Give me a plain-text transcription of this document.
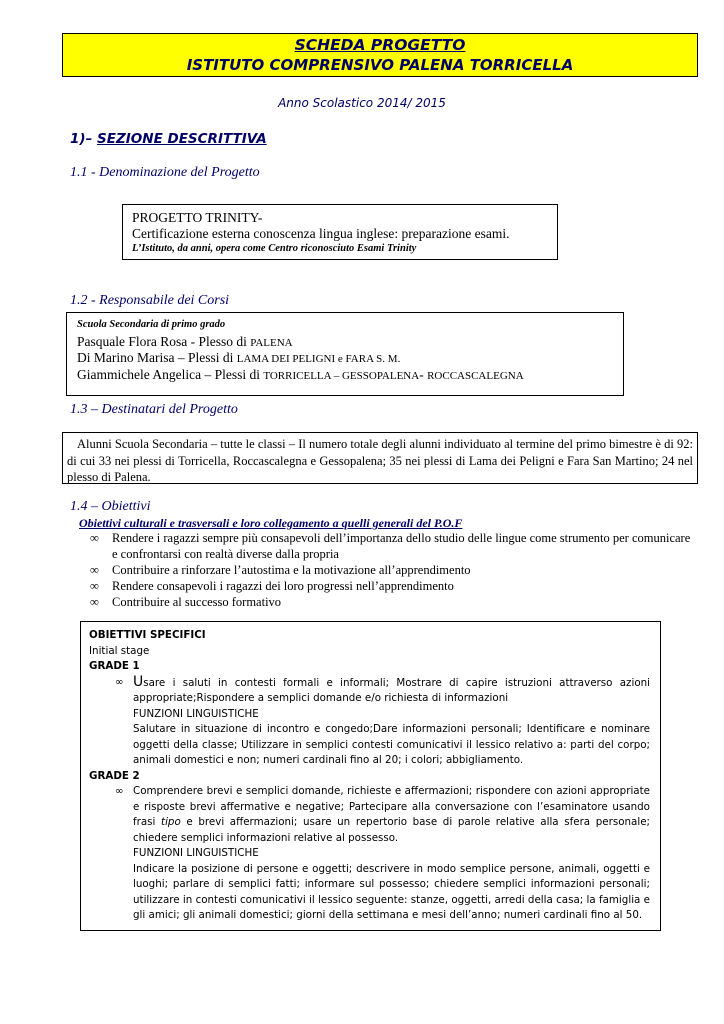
SCHEDA PROGETTO
ISTITUTO COMPRENSIVO PALENA TORRICELLA
Anno Scolastico 2014/ 2015
1)– SEZIONE DESCRITTIVA
1.1 - Denominazione del Progetto
PROGETTO TRINITY-
Certificazione esterna conoscenza lingua inglese: preparazione esami.
L’Istituto, da anni, opera come Centro riconosciuto Esami Trinity
1.2 - Responsabile dei Corsi
Scuola Secondaria di primo grado
Pasquale Flora Rosa - Plesso di PALENA
Di Marino Marisa – Plessi di LAMA DEI PELIGNI e FARA S. M.
Giammichele Angelica – Plessi di TORRICELLA – GESSOPALENA- ROCCASCALEGNA
1.3 – Destinatari del Progetto
Alunni Scuola Secondaria – tutte le classi – Il numero totale degli alunni individuato al termine del primo bimestre è di 92: di cui 33 nei plessi di Torricella, Roccascalegna e Gessopalena; 35 nei plessi di Lama dei Peligni e Fara San Martino; 24 nel plesso di Palena.
1.4 – Obiettivi
Obiettivi culturali e trasversali e loro collegamento a quelli generali del P.O.F
∞ Rendere i ragazzi sempre più consapevoli dell’importanza dello studio delle lingue come strumento per comunicare e confrontarsi con realtà diverse dalla propria
∞ Contribuire a rinforzare l’autostima e la motivazione all’apprendimento
∞ Rendere consapevoli i ragazzi dei loro progressi nell’apprendimento
∞ Contribuire al successo formativo
OBIETTIVI SPECIFICI
Initial stage
GRADE 1
∞ Usare i saluti in contesti formali e informali; Mostrare di capire istruzioni attraverso azioni appropriate;Rispondere a semplici domande e/o richiesta di informazioni
FUNZIONI LINGUISTICHE
Salutare in situazione di incontro e congedo;Dare informazioni personali; Identificare e nominare oggetti della classe; Utilizzare in semplici contesti comunicativi il lessico relativo a: parti del corpo; animali domestici e non; numeri cardinali fino al 20; i colori; abbigliamento.
GRADE 2
∞ Comprendere brevi e semplici domande, richieste e affermazioni; rispondere con azioni appropriate e risposte brevi affermative e negative; Partecipare alla conversazione con l’esaminatore usando frasi tipo e brevi affermazioni; usare un repertorio base di parole relative alla sfera personale; chiedere semplici informazioni relative al possesso.
FUNZIONI LINGUISTICHE
Indicare la posizione di persone e oggetti; descrivere in modo semplice persone, animali, oggetti e luoghi; parlare di semplici fatti; informare sul possesso; chiedere semplici informazioni personali; utilizzare in contesti comunicativi il lessico seguente: stanze, oggetti, arredi della casa; la famiglia e gli amici; gli animali domestici; giorni della settimana e mesi dell’anno; numeri cardinali fino al 50.
